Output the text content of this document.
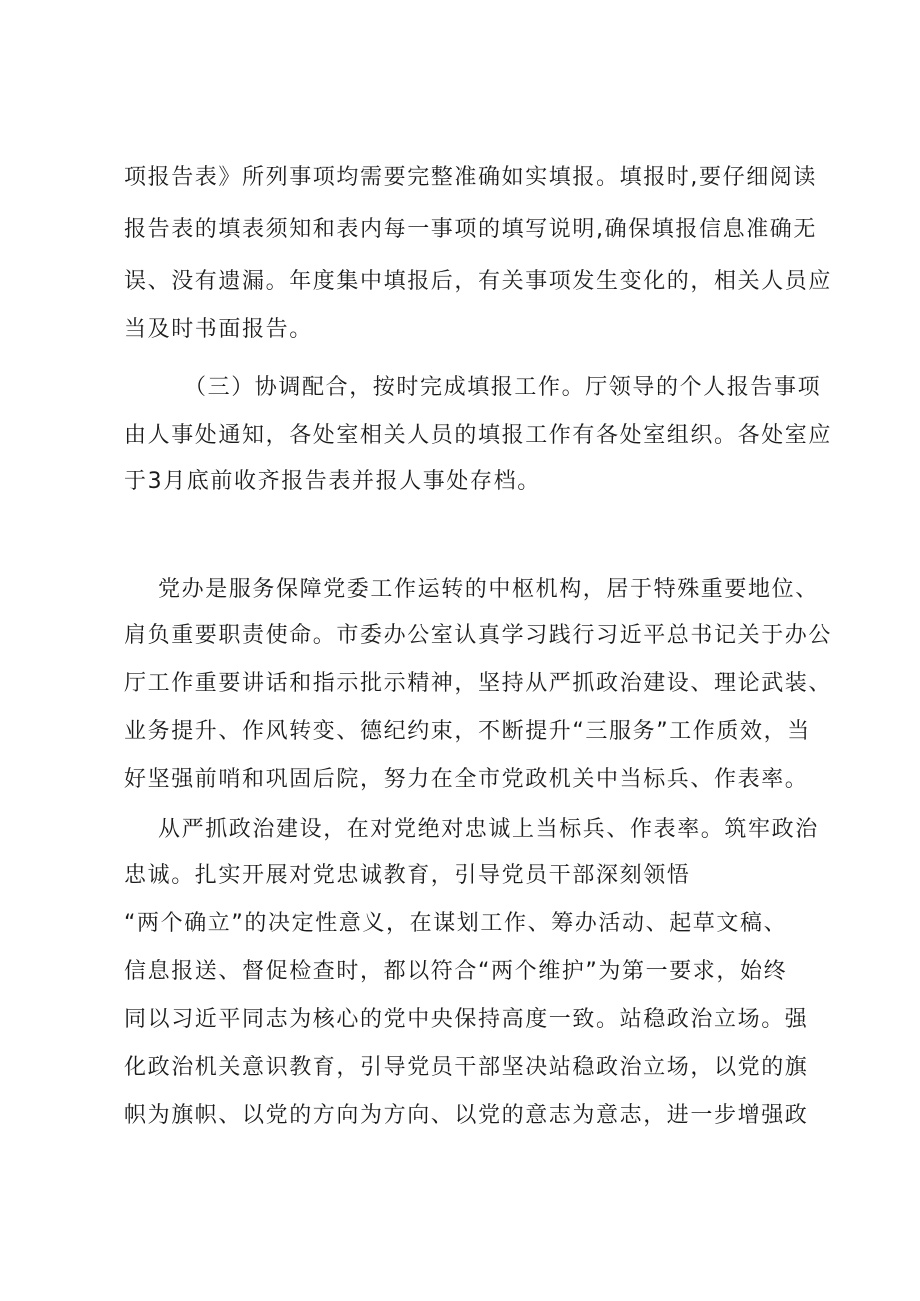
项报告表》所列事项均需要完整准确如实填报。填报时,要仔细阅读
报告表的填表须知和表内每一事项的填写说明,确保填报信息准确无
误、没有遗漏。年度集中填报后，有关事项发生变化的，相关人员应
当及时书面报告。
（三）协调配合，按时完成填报工作。厅领导的个人报告事项
由人事处通知，各处室相关人员的填报工作有各处室组织。各处室应
于3月底前收齐报告表并报人事处存档。
党办是服务保障党委工作运转的中枢机构，居于特殊重要地位、
肩负重要职责使命。市委办公室认真学习践行习近平总书记关于办公
厅工作重要讲话和指示批示精神，坚持从严抓政治建设、理论武装、
业务提升、作风转变、德纪约束，不断提升“三服务”工作质效，当
好坚强前哨和巩固后院，努力在全市党政机关中当标兵、作表率。
从严抓政治建设，在对党绝对忠诚上当标兵、作表率。筑牢政治
忠诚。扎实开展对党忠诚教育，引导党员干部深刻领悟
“两个确立”的决定性意义，在谋划工作、筹办活动、起草文稿、
信息报送、督促检查时，都以符合“两个维护”为第一要求，始终
同以习近平同志为核心的党中央保持高度一致。站稳政治立场。强
化政治机关意识教育，引导党员干部坚决站稳政治立场，以党的旗
帜为旗帜、以党的方向为方向、以党的意志为意志，进一步增强政
